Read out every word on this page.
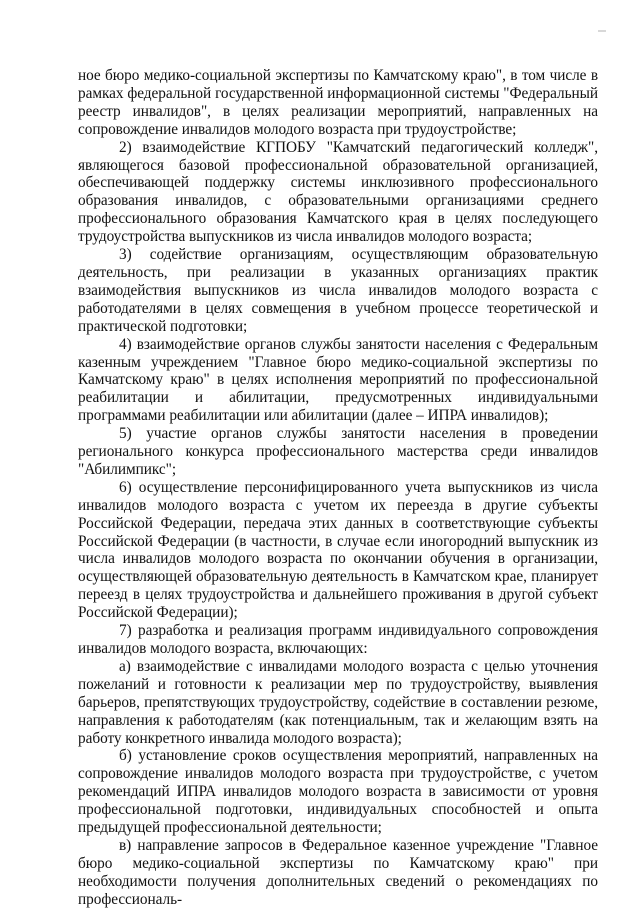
ное бюро медико-социальной экспертизы по Камчатскому краю", в том числе в рамках федеральной государственной информационной системы "Федеральный реестр инвалидов", в целях реализации мероприятий, направленных на сопровождение инвалидов молодого возраста при трудоустройстве;

2) взаимодействие КГПОБУ "Камчатский педагогический колледж", являющегося базовой профессиональной образовательной организацией, обеспечивающей поддержку системы инклюзивного профессионального образования инвалидов, с образовательными организациями среднего профессионального образования Камчатского края в целях последующего трудоустройства выпускников из числа инвалидов молодого возраста;

3) содействие организациям, осуществляющим образовательную деятельность, при реализации в указанных организациях практик взаимодействия выпускников из числа инвалидов молодого возраста с работодателями в целях совмещения в учебном процессе теоретической и практической подготовки;

4) взаимодействие органов службы занятости населения с Федеральным казенным учреждением "Главное бюро медико-социальной экспертизы по Камчатскому краю" в целях исполнения мероприятий по профессиональной реабилитации и абилитации, предусмотренных индивидуальными программами реабилитации или абилитации (далее – ИПРА инвалидов);

5) участие органов службы занятости населения в проведении регионального конкурса профессионального мастерства среди инвалидов "Абилимпикс";

6) осуществление персонифицированного учета выпускников из числа инвалидов молодого возраста с учетом их переезда в другие субъекты Российской Федерации, передача этих данных в соответствующие субъекты Российской Федерации (в частности, в случае если иногородний выпускник из числа инвалидов молодого возраста по окончании обучения в организации, осуществляющей образовательную деятельность в Камчатском крае, планирует переезд в целях трудоустройства и дальнейшего проживания в другой субъект Российской Федерации);

7) разработка и реализация программ индивидуального сопровождения инвалидов молодого возраста, включающих:

а) взаимодействие с инвалидами молодого возраста с целью уточнения пожеланий и готовности к реализации мер по трудоустройству, выявления барьеров, препятствующих трудоустройству, содействие в составлении резюме, направления к работодателям (как потенциальным, так и желающим взять на работу конкретного инвалида молодого возраста);

б) установление сроков осуществления мероприятий, направленных на сопровождение инвалидов молодого возраста при трудоустройстве, с учетом рекомендаций ИПРА инвалидов молодого возраста в зависимости от уровня профессиональной подготовки, индивидуальных способностей и опыта предыдущей профессиональной деятельности;

в) направление запросов в Федеральное казенное учреждение "Главное бюро медико-социальной экспертизы по Камчатскому краю" при необходимости получения дополнительных сведений о рекомендациях по профессиональ-
